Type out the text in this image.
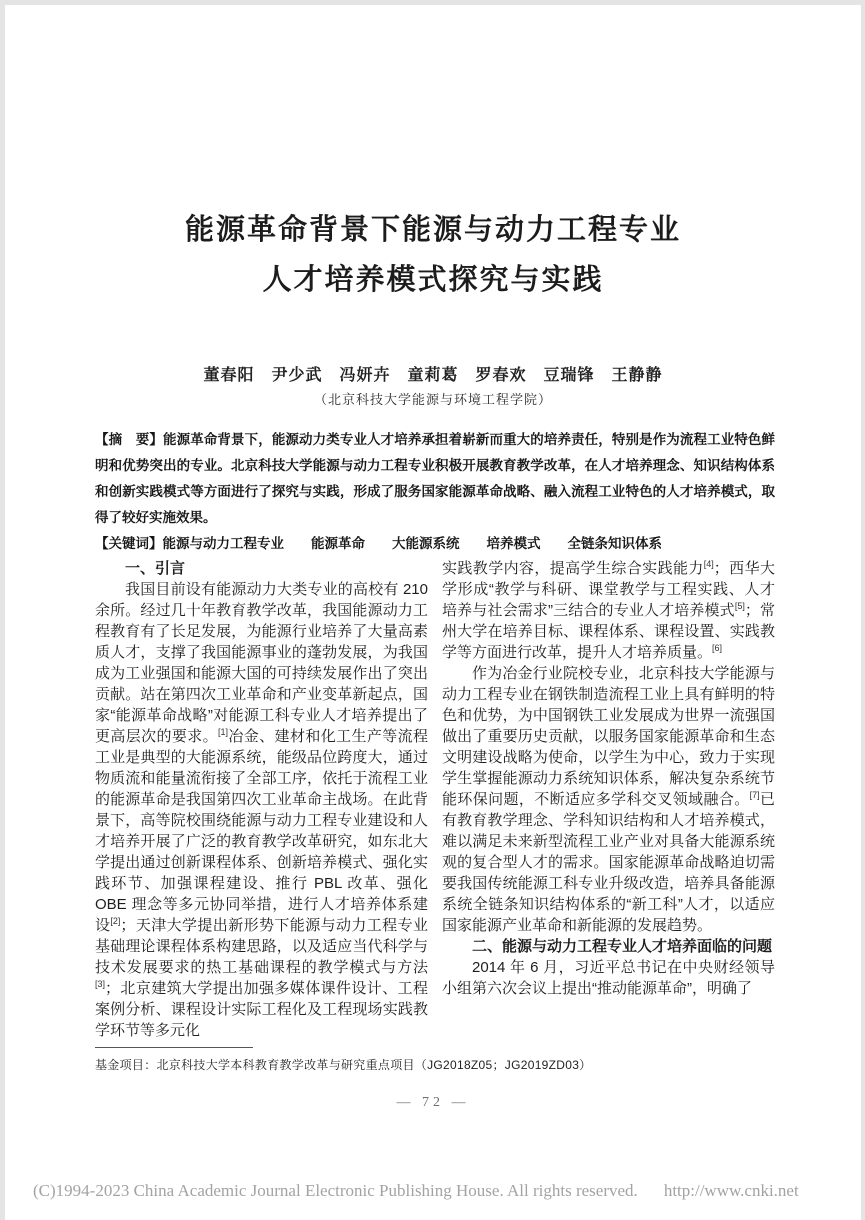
能源革命背景下能源与动力工程专业
人才培养模式探究与实践
董春阳　尹少武　冯妍卉　童莉葛　罗春欢　豆瑞锋　王静静
（北京科技大学能源与环境工程学院）

【摘　要】能源革命背景下，能源动力类专业人才培养承担着崭新而重大的培养责任，特别是作为流程工业特色鲜明和优势突出的专业。北京科技大学能源与动力工程专业积极开展教育教学改革，在人才培养理念、知识结构体系和创新实践模式等方面进行了探究与实践，形成了服务国家能源革命战略、融入流程工业特色的人才培养模式，取得了较好实施效果。

【关键词】能源与动力工程专业　　能源革命　　大能源系统　　培养模式　　全链条知识体系

一、引言

我国目前设有能源动力大类专业的高校有 210 余所。经过几十年教育教学改革，我国能源动力工程教育有了长足发展，为能源行业培养了大量高素质人才，支撑了我国能源事业的蓬勃发展，为我国成为工业强国和能源大国的可持续发展作出了突出贡献。站在第四次工业革命和产业变革新起点，国家“能源革命战略”对能源工科专业人才培养提出了更高层次的要求。[1]冶金、建材和化工生产等流程工业是典型的大能源系统，能级品位跨度大，通过物质流和能量流衔接了全部工序，依托于流程工业的能源革命是我国第四次工业革命主战场。在此背景下，高等院校围绕能源与动力工程专业建设和人才培养开展了广泛的教育教学改革研究，如东北大学提出通过创新课程体系、创新培养模式、强化实践环节、加强课程建设、推行 PBL 改革、强化 OBE 理念等多元协同举措，进行人才培养体系建设[2]；天津大学提出新形势下能源与动力工程专业基础理论课程体系构建思路，以及适应当代科学与技术发展要求的热工基础课程的教学模式与方法[3]；北京建筑大学提出加强多媒体课件设计、工程案例分析、课程设计实际工程化及工程现场实践教学环节等多元化

实践教学内容，提高学生综合实践能力[4]；西华大学形成“教学与科研、课堂教学与工程实践、人才培养与社会需求”三结合的专业人才培养模式[5]；常州大学在培养目标、课程体系、课程设置、实践教学等方面进行改革，提升人才培养质量。[6]

作为冶金行业院校专业，北京科技大学能源与动力工程专业在钢铁制造流程工业上具有鲜明的特色和优势，为中国钢铁工业发展成为世界一流强国做出了重要历史贡献，以服务国家能源革命和生态文明建设战略为使命，以学生为中心，致力于实现学生掌握能源动力系统知识体系，解决复杂系统节能环保问题，不断适应多学科交叉领域融合。[7]已有教育教学理念、学科知识结构和人才培养模式，难以满足未来新型流程工业产业对具备大能源系统观的复合型人才的需求。国家能源革命战略迫切需要我国传统能源工科专业升级改造，培养具备能源系统全链条知识结构体系的“新工科”人才，以适应国家能源产业革命和新能源的发展趋势。

二、能源与动力工程专业人才培养面临的问题

2014 年 6 月，习近平总书记在中央财经领导小组第六次会议上提出“推动能源革命”，明确了

基金项目：北京科技大学本科教育教学改革与研究重点项目（JG2018Z05；JG2019ZD03）
— 72 —
(C)1994-2023 China Academic Journal Electronic Publishing House. All rights reserved. http://www.cnki.net
